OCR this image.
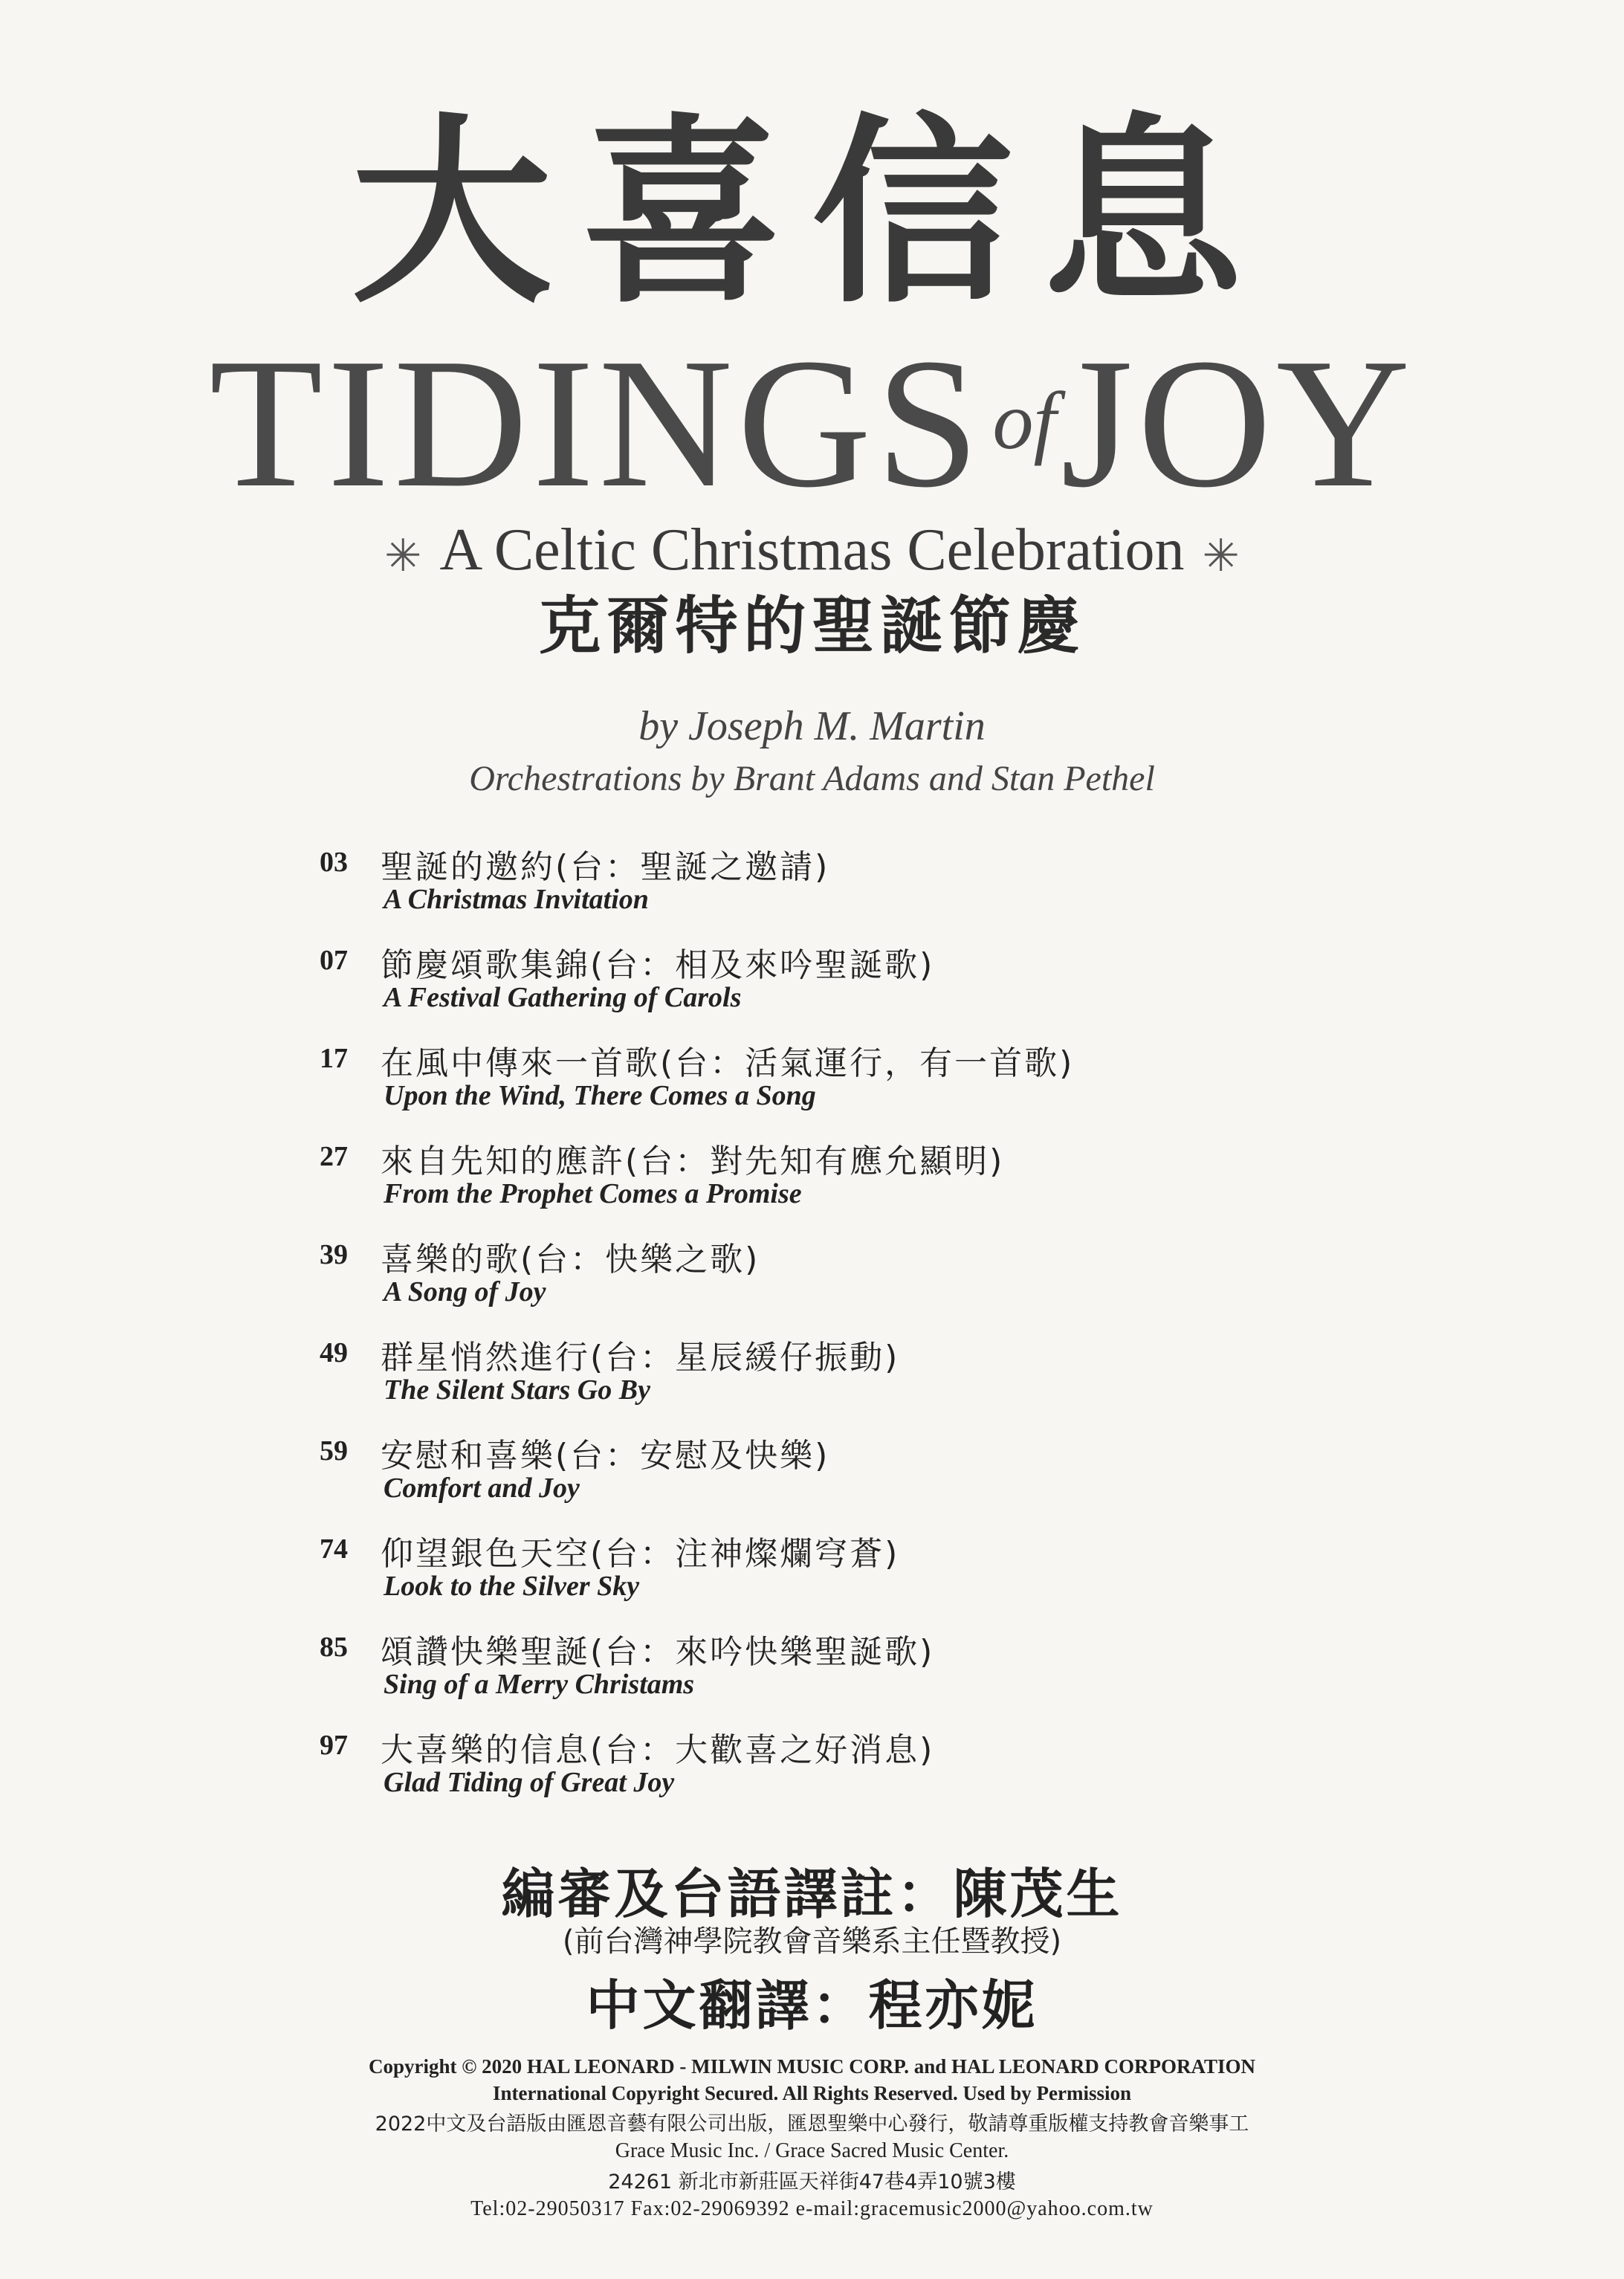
大喜信息
TIDINGS $^{of}$JOY
✳ A Celtic Christmas Celebration ✳
克爾特的聖誕節慶
by Joseph M. Martin
Orchestrations by Brant Adams and Stan Pethel
03 聖誕的邀約(台：聖誕之邀請)
A Christmas Invitation
07 節慶頌歌集錦(台：相及來吟聖誕歌)
A Festival Gathering of Carols
17 在風中傳來一首歌(台：活氣運行，有一首歌)
Upon the Wind, There Comes a Song
27 來自先知的應許(台：對先知有應允顯明)
From the Prophet Comes a Promise
39 喜樂的歌(台：快樂之歌)
A Song of Joy
49 群星悄然進行(台：星辰緩仔振動)
The Silent Stars Go By
59 安慰和喜樂(台：安慰及快樂)
Comfort and Joy
74 仰望銀色天空(台：注神燦爛穹蒼)
Look to the Silver Sky
85 頌讚快樂聖誕(台：來吟快樂聖誕歌)
Sing of a Merry Christams
97 大喜樂的信息(台：大歡喜之好消息)
Glad Tiding of Great Joy
編審及台語譯註：陳茂生
(前台灣神學院教會音樂系主任暨教授)
中文翻譯：程亦妮
Copyright © 2020 HAL LEONARD - MILWIN MUSIC CORP. and HAL LEONARD CORPORATION
International Copyright Secured. All Rights Reserved. Used by Permission
2022中文及台語版由匯恩音藝有限公司出版，匯恩聖樂中心發行，敬請尊重版權支持教會音樂事工
Grace Music Inc. / Grace Sacred Music Center.
24261 新北市新莊區天祥街47巷4弄10號3樓
Tel:02-29050317 Fax:02-29069392 e-mail:gracemusic2000@yahoo.com.tw
